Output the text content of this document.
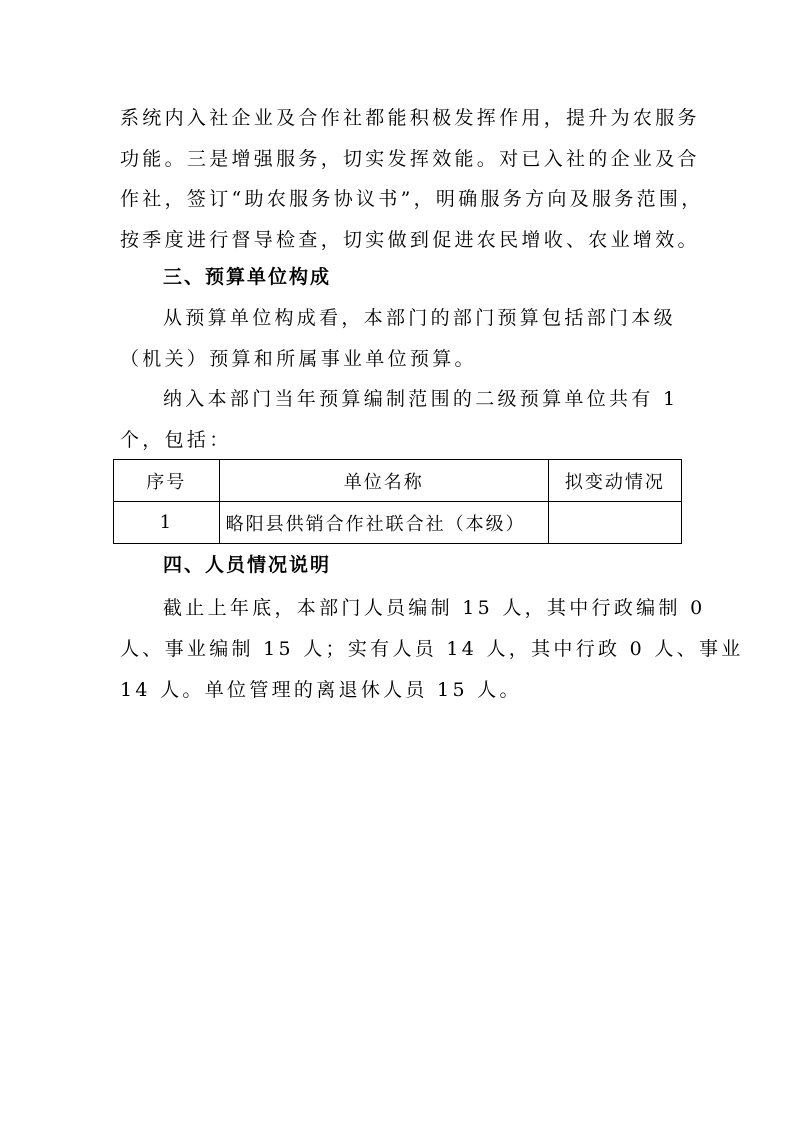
系统内入社企业及合作社都能积极发挥作用，提升为农服务
功能。三是增强服务，切实发挥效能。对已入社的企业及合
作社，签订“助农服务协议书”，明确服务方向及服务范围，
按季度进行督导检查，切实做到促进农民增收、农业增效。
三、预算单位构成
从预算单位构成看，本部门的部门预算包括部门本级
（机关）预算和所属事业单位预算。
纳入本部门当年预算编制范围的二级预算单位共有 1
个，包括：
序号	单位名称	拟变动情况
1	略阳县供销合作社联合社（本级）	
四、人员情况说明
截止上年底，本部门人员编制 15 人，其中行政编制 0
人、事业编制 15 人；实有人员 14 人，其中行政 0 人、事业
14 人。单位管理的离退休人员 15 人。
